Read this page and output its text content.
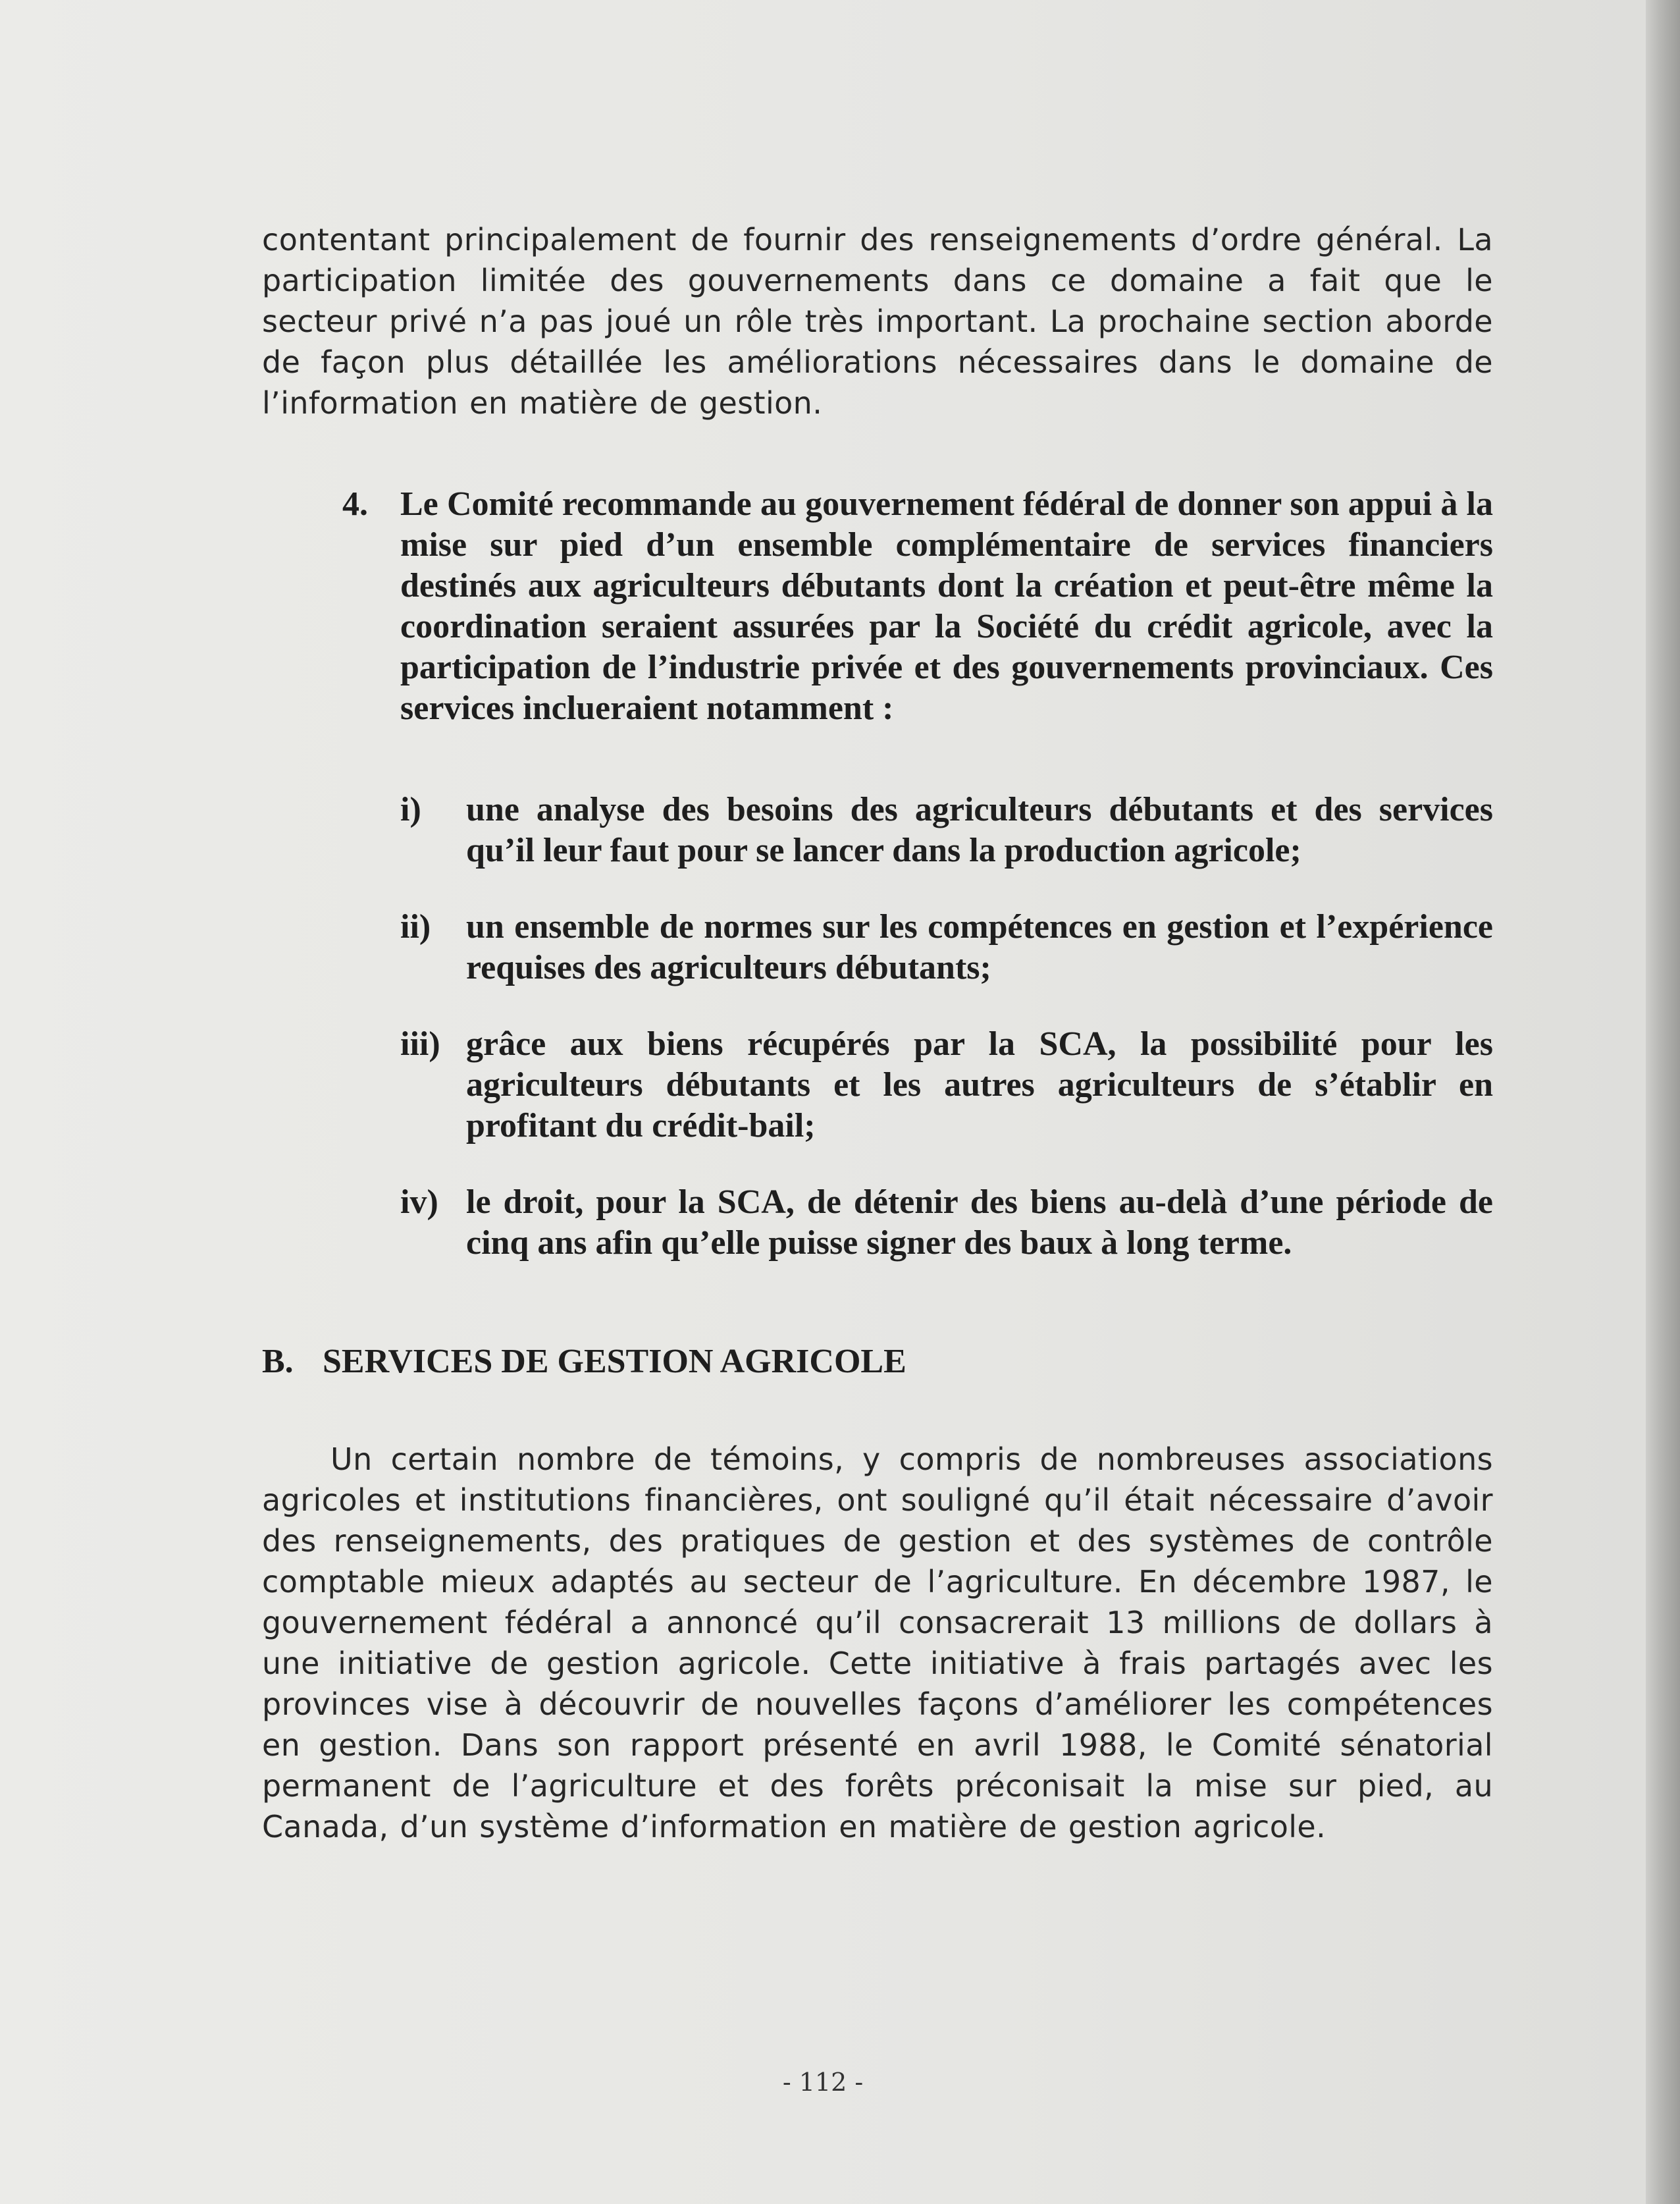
contentant principalement de fournir des renseignements d’ordre général. La participation limitée des gouvernements dans ce domaine a fait que le secteur privé n’a pas joué un rôle très important. La prochaine section aborde de façon plus détaillée les améliorations nécessaires dans le domaine de l’information en matière de gestion.

4. Le Comité recommande au gouvernement fédéral de donner son appui à la mise sur pied d’un ensemble complémentaire de services financiers destinés aux agriculteurs débutants dont la création et peut-être même la coordination seraient assurées par la Société du crédit agricole, avec la participation de l’industrie privée et des gouvernements provinciaux. Ces services inclueraient notamment :

i) une analyse des besoins des agriculteurs débutants et des services qu’il leur faut pour se lancer dans la production agricole;

ii) un ensemble de normes sur les compétences en gestion et l’expérience requises des agriculteurs débutants;

iii) grâce aux biens récupérés par la SCA, la possibilité pour les agriculteurs débutants et les autres agriculteurs de s’établir en profitant du crédit-bail;

iv) le droit, pour la SCA, de détenir des biens au-delà d’une période de cinq ans afin qu’elle puisse signer des baux à long terme.

B. SERVICES DE GESTION AGRICOLE

Un certain nombre de témoins, y compris de nombreuses associations agricoles et institutions financières, ont souligné qu’il était nécessaire d’avoir des renseignements, des pratiques de gestion et des systèmes de contrôle comptable mieux adaptés au secteur de l’agriculture. En décembre 1987, le gouvernement fédéral a annoncé qu’il consacrerait 13 millions de dollars à une initiative de gestion agricole. Cette initiative à frais partagés avec les provinces vise à découvrir de nouvelles façons d’améliorer les compétences en gestion. Dans son rapport présenté en avril 1988, le Comité sénatorial permanent de l’agriculture et des forêts préconisait la mise sur pied, au Canada, d’un système d’information en matière de gestion agricole.

- 112 -
